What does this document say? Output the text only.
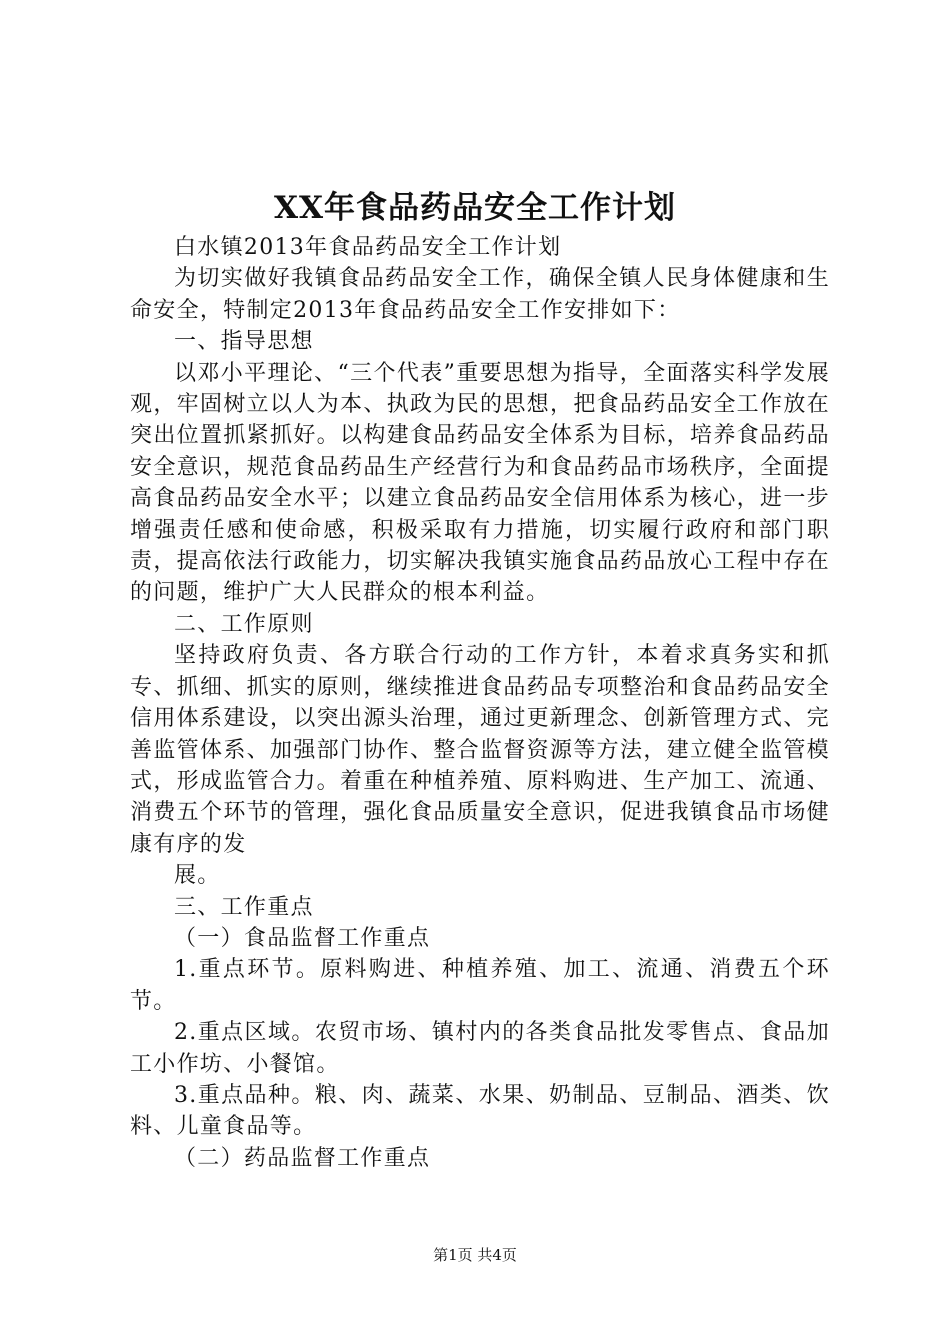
XX年食品药品安全工作计划

白水镇2013年食品药品安全工作计划

为切实做好我镇食品药品安全工作，确保全镇人民身体健康和生命安全，特制定2013年食品药品安全工作安排如下：

一、指导思想

以邓小平理论、“三个代表”重要思想为指导，全面落实科学发展观，牢固树立以人为本、执政为民的思想，把食品药品安全工作放在突出位置抓紧抓好。以构建食品药品安全体系为目标，培养食品药品安全意识，规范食品药品生产经营行为和食品药品市场秩序，全面提高食品药品安全水平；以建立食品药品安全信用体系为核心，进一步增强责任感和使命感，积极采取有力措施，切实履行政府和部门职责，提高依法行政能力，切实解决我镇实施食品药品放心工程中存在的问题，维护广大人民群众的根本利益。

二、工作原则

坚持政府负责、各方联合行动的工作方针，本着求真务实和抓专、抓细、抓实的原则，继续推进食品药品专项整治和食品药品安全信用体系建设，以突出源头治理，通过更新理念、创新管理方式、完善监管体系、加强部门协作、整合监督资源等方法，建立健全监管模式，形成监管合力。着重在种植养殖、原料购进、生产加工、流通、消费五个环节的管理，强化食品质量安全意识，促进我镇食品市场健康有序的发

展。

三、工作重点

（一）食品监督工作重点

1.重点环节。原料购进、种植养殖、加工、流通、消费五个环节。

2.重点区域。农贸市场、镇村内的各类食品批发零售点、食品加工小作坊、小餐馆。

3.重点品种。粮、肉、蔬菜、水果、奶制品、豆制品、酒类、饮料、儿童食品等。

（二）药品监督工作重点

第1页 共4页
